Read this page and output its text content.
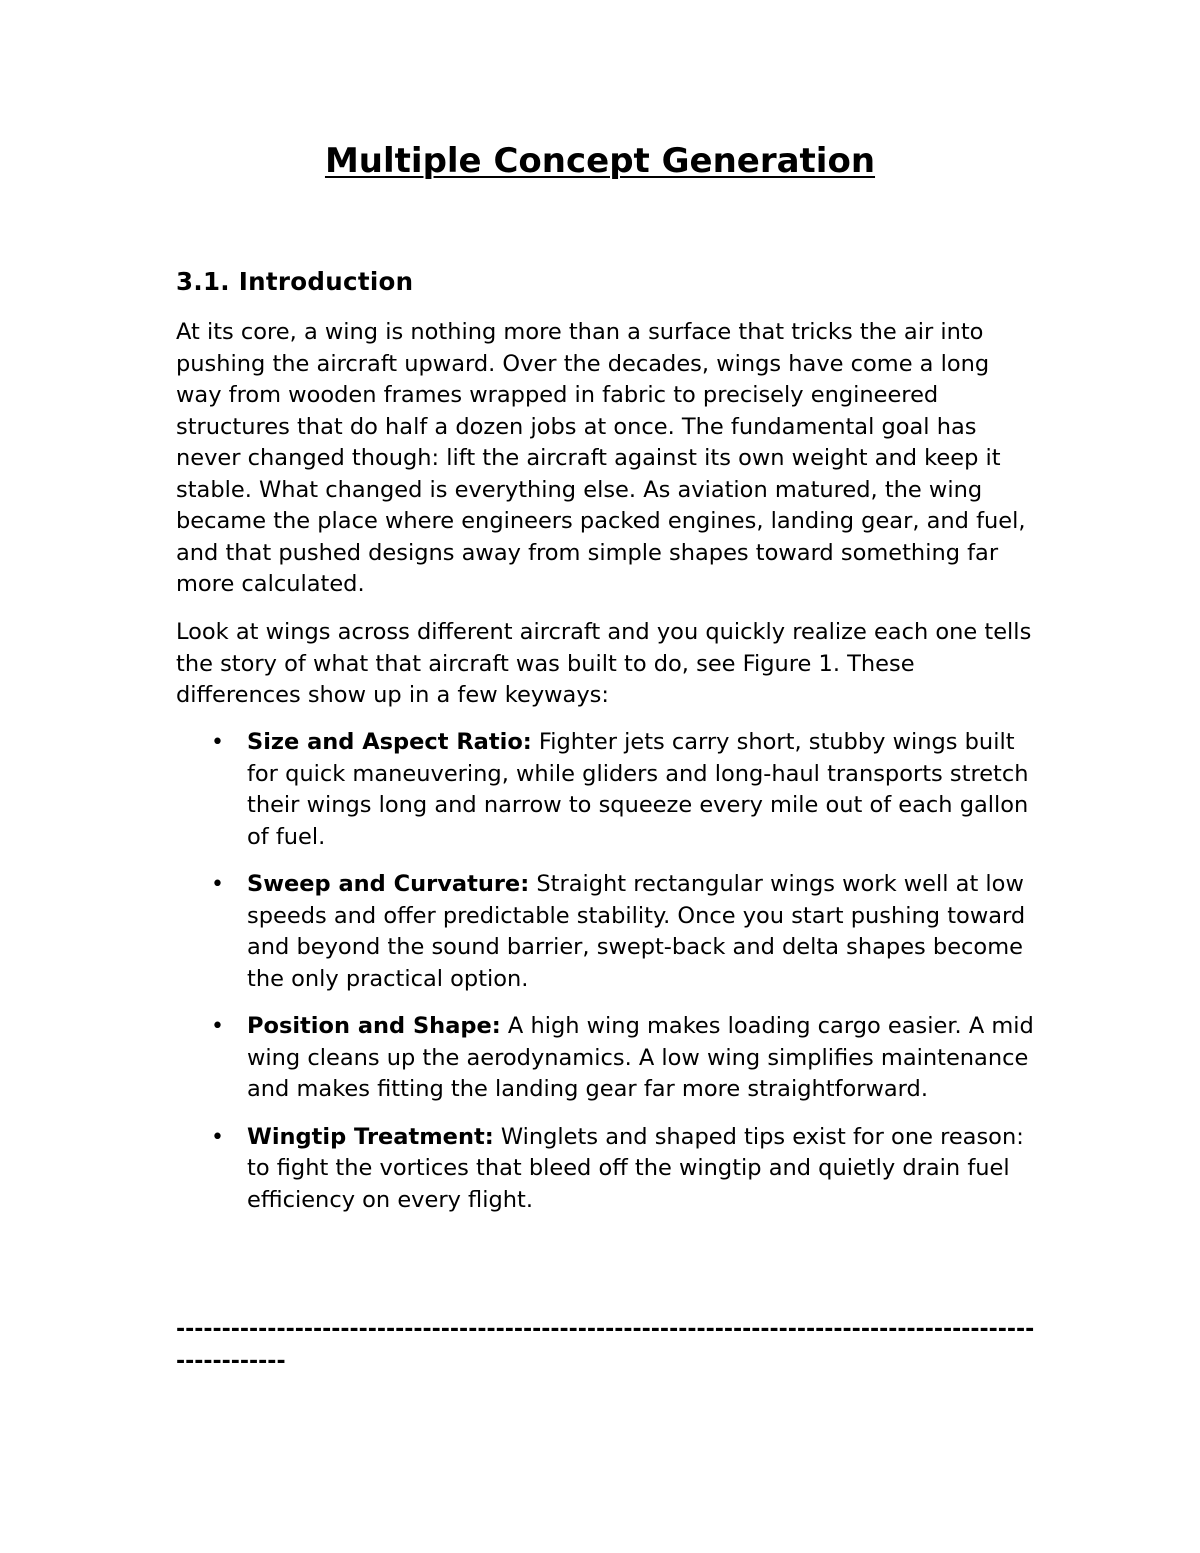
Multiple Concept Generation
3.1. Introduction

At its core, a wing is nothing more than a surface that tricks the air into pushing the aircraft upward. Over the decades, wings have come a long way from wooden frames wrapped in fabric to precisely engineered structures that do half a dozen jobs at once. The fundamental goal has never changed though: lift the aircraft against its own weight and keep it stable. What changed is everything else. As aviation matured, the wing became the place where engineers packed engines, landing gear, and fuel, and that pushed designs away from simple shapes toward something far more calculated.

Look at wings across different aircraft and you quickly realize each one tells the story of what that aircraft was built to do, see Figure 1. These differences show up in a few keyways:

• Size and Aspect Ratio: Fighter jets carry short, stubby wings built for quick maneuvering, while gliders and long-haul transports stretch their wings long and narrow to squeeze every mile out of each gallon of fuel.
• Sweep and Curvature: Straight rectangular wings work well at low speeds and offer predictable stability. Once you start pushing toward and beyond the sound barrier, swept-back and delta shapes become the only practical option.
• Position and Shape: A high wing makes loading cargo easier. A mid wing cleans up the aerodynamics. A low wing simplifies maintenance and makes fitting the landing gear far more straightforward.
• Wingtip Treatment: Winglets and shaped tips exist for one reason: to fight the vortices that bleed off the wingtip and quietly drain fuel efficiency on every flight.

----------------------------------------------------------------------------------------------------------
